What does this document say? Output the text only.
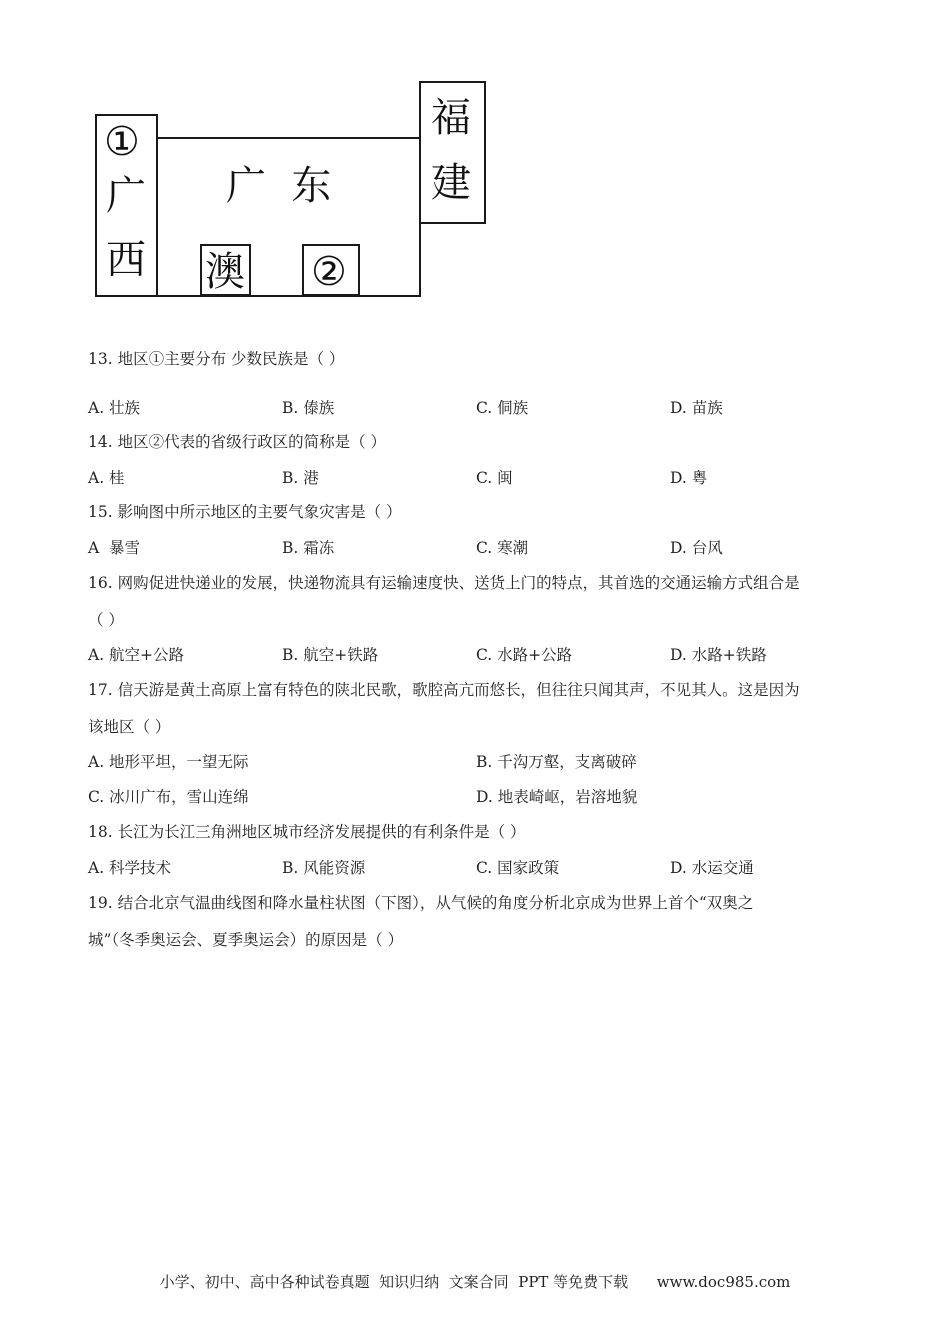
广  东
①
广
西
福
建
澳 ②
13. 地区①主要分布 少数民族是（ ）
A. 壮族	B. 傣族	C. 侗族	D. 苗族
14. 地区②代表的省级行政区的简称是（ ）
A. 桂	B. 港	C. 闽	D. 粤
15. 影响图中所示地区的主要气象灾害是（ ）
A  暴雪	B. 霜冻	C. 寒潮	D. 台风
16. 网购促进快递业的发展，快递物流具有运输速度快、送货上门的特点，其首选的交通运输方式组合是
（ ）
A. 航空+公路	B. 航空+铁路	C. 水路+公路	D. 水路+铁路
17. 信天游是黄土高原上富有特色的陕北民歌，歌腔高亢而悠长，但往往只闻其声，不见其人。这是因为
该地区（ ）
A. 地形平坦，一望无际	B. 千沟万壑，支离破碎
C. 冰川广布，雪山连绵	D. 地表崎岖，岩溶地貌
18. 长江为长江三角洲地区城市经济发展提供的有利条件是（ ）
A. 科学技术	B. 风能资源	C. 国家政策	D. 水运交通
19. 结合北京气温曲线图和降水量柱状图（下图），从气候的角度分析北京成为世界上首个“双奥之
城”（冬季奥运会、夏季奥运会）的原因是（ ）
小学、初中、高中各种试卷真题  知识归纳  文案合同  PPT 等免费下载      www.doc985.com
